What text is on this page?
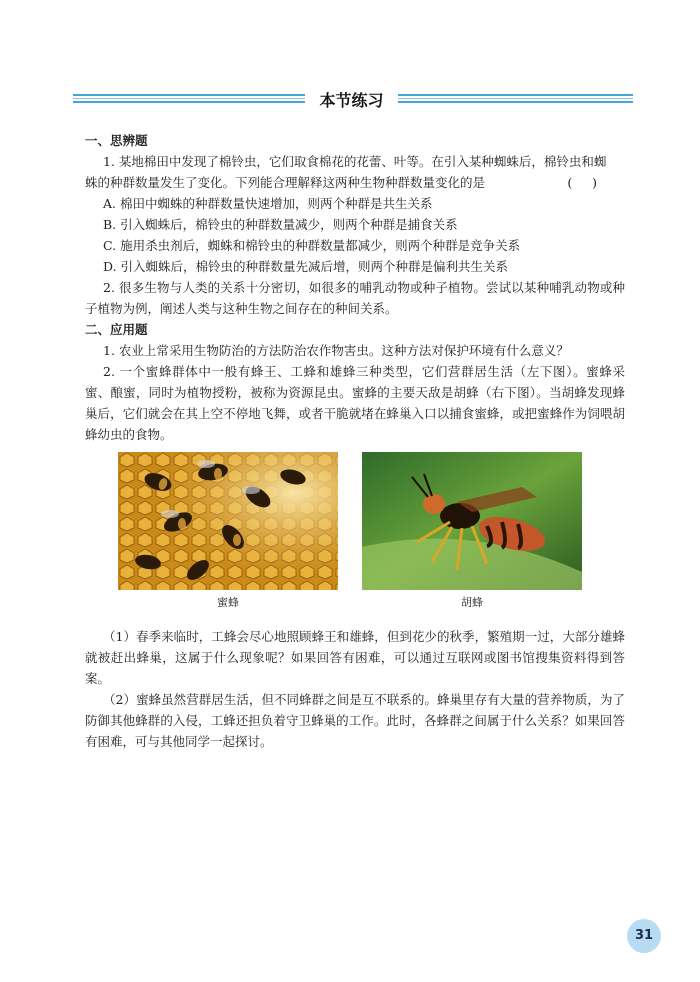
本节练习

一、思辨题

1. 某地棉田中发现了棉铃虫，它们取食棉花的花蕾、叶等。在引入某种蜘蛛后，棉铃虫和蜘

蛛的种群数量发生了变化。下列能合理解释这两种生物种群数量变化的是	(     )

A. 棉田中蜘蛛的种群数量快速增加，则两个种群是共生关系

B. 引入蜘蛛后，棉铃虫的种群数量减少，则两个种群是捕食关系

C. 施用杀虫剂后，蜘蛛和棉铃虫的种群数量都减少，则两个种群是竞争关系

D. 引入蜘蛛后，棉铃虫的种群数量先减后增，则两个种群是偏利共生关系

2. 很多生物与人类的关系十分密切，如很多的哺乳动物或种子植物。尝试以某种哺乳动物或种子植物为例，阐述人类与这种生物之间存在的种间关系。

二、应用题

1. 农业上常采用生物防治的方法防治农作物害虫。这种方法对保护环境有什么意义？

2. 一个蜜蜂群体中一般有蜂王、工蜂和雄蜂三种类型，它们营群居生活（左下图）。蜜蜂采蜜、酿蜜，同时为植物授粉，被称为资源昆虫。蜜蜂的主要天敌是胡蜂（右下图）。当胡蜂发现蜂巢后，它们就会在其上空不停地飞舞，或者干脆就堵在蜂巢入口以捕食蜜蜂，或把蜜蜂作为饲喂胡蜂幼虫的食物。

蜜蜂	胡蜂

（1）春季来临时，工蜂会尽心地照顾蜂王和雄蜂，但到花少的秋季，繁殖期一过，大部分雄蜂就被赶出蜂巢，这属于什么现象呢？如果回答有困难，可以通过互联网或图书馆搜集资料得到答案。

（2）蜜蜂虽然营群居生活，但不同蜂群之间是互不联系的。蜂巢里存有大量的营养物质，为了防御其他蜂群的入侵，工蜂还担负着守卫蜂巢的工作。此时，各蜂群之间属于什么关系？如果回答有困难，可与其他同学一起探讨。

31
